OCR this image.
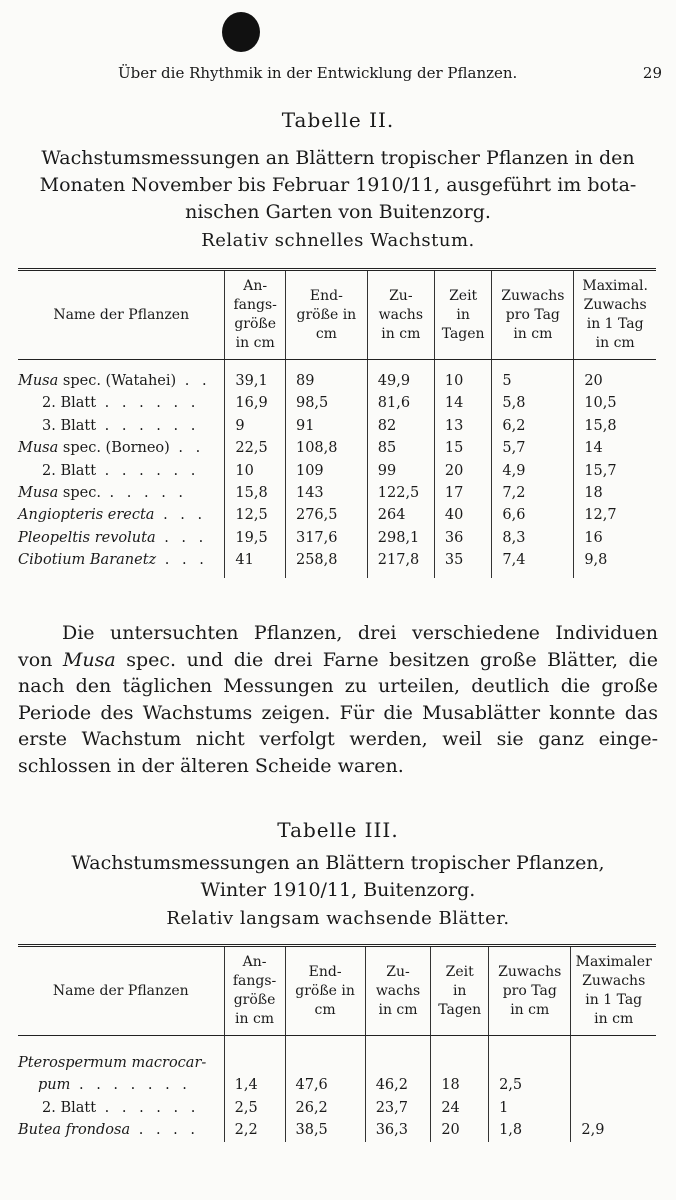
Über die Rhythmik in der Entwicklung der Pflanzen.	29
Tabelle II.
Wachstumsmessungen an Blättern tropischer Pflanzen in den
Monaten November bis Februar 1910/11, ausgeführt im bota-
nischen Garten von Buitenzorg.
Relativ schnelles Wachstum.
Name der Pflanzen	An-
fangs-
größe
in cm	End-
größe in
cm	Zu-
wachs
in cm	Zeit
in
Tagen	Zuwachs
pro Tag
in cm	Maximal.
Zuwachs
in 1 Tag
in cm
Musa spec. (Watahei) . .	39,1	89	49,9	10	5	20
2. Blatt . . . . . .	16,9	98,5	81,6	14	5,8	10,5
3. Blatt . . . . . .	9	91	82	13	6,2	15,8
Musa spec. (Borneo) . .	22,5	108,8	85	15	5,7	14
2. Blatt . . . . . .	10	109	99	20	4,9	15,7
Musa spec. . . . . .	15,8	143	122,5	17	7,2	18
Angiopteris erecta . . .	12,5	276,5	264	40	6,6	12,7
Pleopeltis revoluta . . .	19,5	317,6	298,1	36	8,3	16
Cibotium Baranetz . . .	41	258,8	217,8	35	7,4	9,8

Die untersuchten Pflanzen, drei verschiedene Individuen
von Musa spec. und die drei Farne besitzen große Blätter, die
nach den täglichen Messungen zu urteilen, deutlich die große
Periode des Wachstums zeigen. Für die Musablätter konnte das
erste Wachstum nicht verfolgt werden, weil sie ganz einge-
schlossen in der älteren Scheide waren.
Tabelle III.
Wachstumsmessungen an Blättern tropischer Pflanzen,
Winter 1910/11, Buitenzorg.
Relativ langsam wachsende Blätter.
Name der Pflanzen	An-
fangs-
größe
in cm	End-
größe in
cm	Zu-
wachs
in cm	Zeit
in
Tagen	Zuwachs
pro Tag
in cm	Maximaler
Zuwachs
in 1 Tag
in cm
Pterospermum macrocar-						
pum . . . . . . .	1,4	47,6	46,2	18	2,5	
2. Blatt . . . . . .	2,5	26,2	23,7	24	1	
Butea frondosa . . . .	2,2	38,5	36,3	20	1,8	2,9
